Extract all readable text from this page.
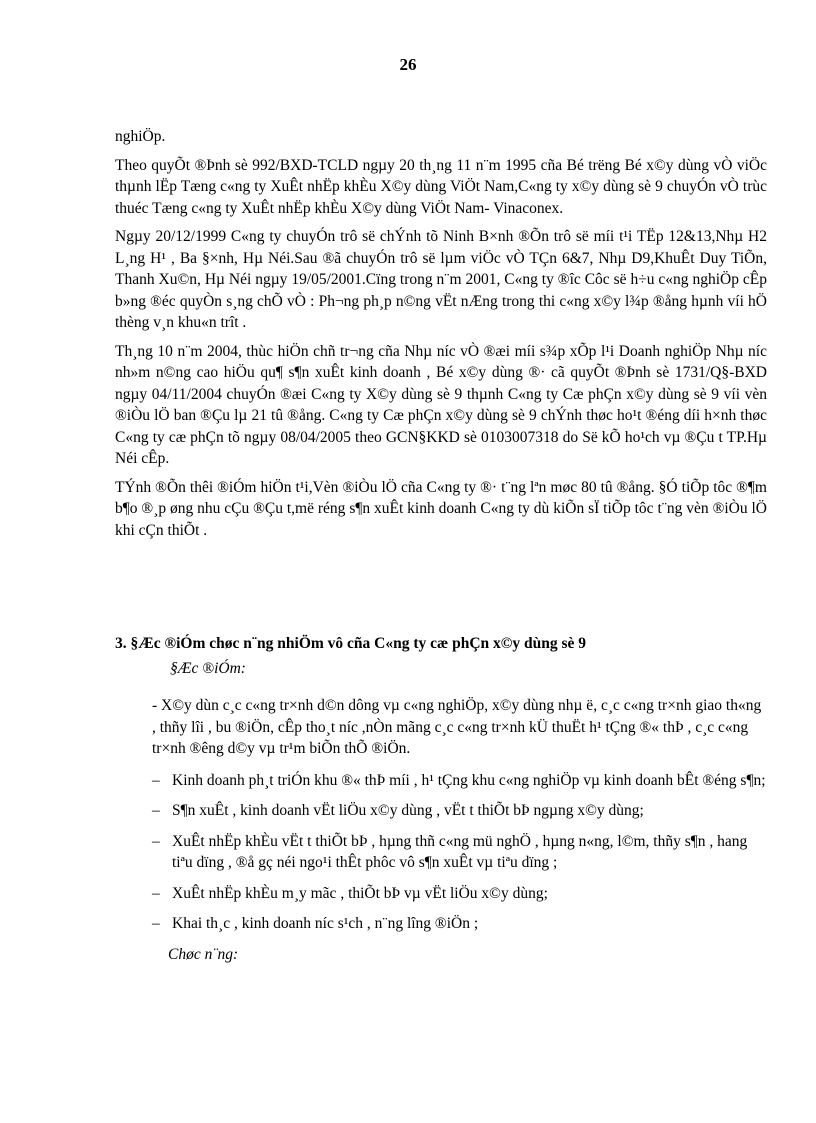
26

nghiÖp.

Theo quyÕt ®Þnh sè 992/BXD-TCLD ngµy 20 th¸ng 11 n¨m 1995 cña Bé trëng Bé x©y dùng vÒ viÖc thµnh lËp Tæng c«ng ty XuÊt nhËp khÈu X©y dùng ViÖt Nam,C«ng ty x©y dùng sè 9 chuyÓn vÒ trùc thuéc Tæng c«ng ty XuÊt nhËp khÈu X©y dùng ViÖt Nam- Vinaconex.

Ngµy 20/12/1999 C«ng ty chuyÓn trô së chÝnh tõ Ninh B×nh ®Õn trô së míi t¹i TËp 12&13,Nhµ H2 L¸ng H¹ , Ba §×nh, Hµ Néi.Sau ®ã chuyÓn trô së lµm viÖc vÒ TÇn 6&7, Nhµ D9,KhuÊt Duy TiÕn, Thanh Xu©n, Hµ Néi ngµy 19/05/2001.Cïng trong n¨m 2001, C«ng ty ®îc Côc së h÷u c«ng nghiÖp cÊp b»ng ®éc quyÒn s¸ng chÕ vÒ : Ph¬ng ph¸p n©ng vËt nÆng trong thi c«ng x©y l¾p ®ång hµnh víi hÖ thèng v¸n khu«n trît .

Th¸ng 10 n¨m 2004, thùc hiÖn chñ tr¬ng cña Nhµ níc vÒ ®æi míi s¾p xÕp l¹i Doanh nghiÖp Nhµ níc nh»m n©ng cao hiÖu qu¶ s¶n xuÊt kinh doanh , Bé x©y dùng ®· cã quyÕt ®Þnh sè 1731/Q§-BXD ngµy 04/11/2004 chuyÓn ®æi C«ng ty X©y dùng sè 9 thµnh C«ng ty Cæ phÇn x©y dùng sè 9 víi vèn ®iÒu lÖ ban ®Çu lµ 21 tû ®ång. C«ng ty Cæ phÇn x©y dùng sè 9 chÝnh thøc ho¹t ®éng díi h×nh thøc C«ng ty cæ phÇn tõ ngµy 08/04/2005 theo GCN§KKD sè 0103007318 do Së kÕ ho¹ch vµ ®Çu t TP.Hµ Néi cÊp.

TÝnh ®Õn thêi ®iÓm hiÖn t¹i,Vèn ®iÒu lÖ cña C«ng ty ®· t¨ng lªn møc 80 tû ®ång. §Ó tiÕp tôc ®¶m b¶o ®¸p øng nhu cÇu ®Çu t,më réng s¶n xuÊt kinh doanh C«ng ty dù kiÕn sÏ tiÕp tôc t¨ng vèn ®iÒu lÖ khi cÇn thiÕt .

3. §Æc ®iÓm chøc n¨ng nhiÖm vô cña C«ng ty cæ phÇn x©y dùng sè 9
§Æc ®iÓm:

- X©y dùn c¸c c«ng tr×nh d©n dông vµ c«ng nghiÖp, x©y dùng nhµ ë, c¸c c«ng tr×nh giao th«ng , thñy lîi , bu ®iÖn, cÊp tho¸t níc ,nÒn mãng c¸c c«ng tr×nh kÜ thuËt h¹ tÇng ®« thÞ , c¸c c«ng tr×nh ®êng d©y vµ tr¹m biÕn thÕ ®iÖn.

– Kinh doanh ph¸t triÓn khu ®« thÞ míi , h¹ tÇng khu c«ng nghiÖp vµ kinh doanh bÊt ®éng s¶n;
– S¶n xuÊt , kinh doanh vËt liÖu x©y dùng , vËt t thiÕt bÞ ngµng x©y dùng;
– XuÊt nhËp khÈu vËt t thiÕt bÞ , hµng thñ c«ng mü nghÖ , hµng n«ng, l©m, thñy s¶n , hang tiªu dïng , ®å gç néi ngo¹i thÊt phôc vô s¶n xuÊt vµ tiªu dïng ;
– XuÊt nhËp khÈu m¸y mãc , thiÕt bÞ vµ vËt liÖu x©y dùng;
– Khai th¸c , kinh doanh níc s¹ch , n¨ng lîng ®iÖn ;
Chøc n¨ng:
